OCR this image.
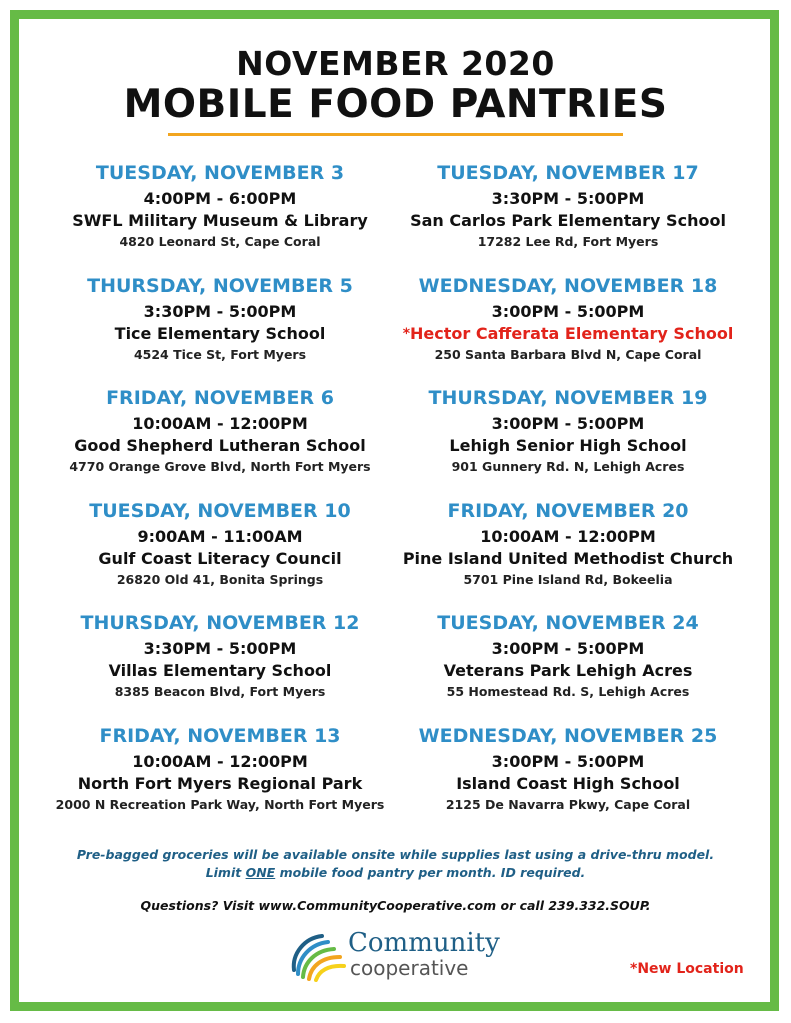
NOVEMBER 2020
MOBILE FOOD PANTRIES
TUESDAY, NOVEMBER 3
4:00PM - 6:00PM
SWFL Military Museum & Library
4820 Leonard St, Cape Coral
THURSDAY, NOVEMBER 5
3:30PM - 5:00PM
Tice Elementary School
4524 Tice St, Fort Myers
FRIDAY, NOVEMBER 6
10:00AM - 12:00PM
Good Shepherd Lutheran School
4770 Orange Grove Blvd, North Fort Myers
TUESDAY, NOVEMBER 10
9:00AM - 11:00AM
Gulf Coast Literacy Council
26820 Old 41, Bonita Springs
THURSDAY, NOVEMBER 12
3:30PM - 5:00PM
Villas Elementary School
8385 Beacon Blvd, Fort Myers
FRIDAY, NOVEMBER 13
10:00AM - 12:00PM
North Fort Myers Regional Park
2000 N Recreation Park Way, North Fort Myers
TUESDAY, NOVEMBER 17
3:30PM - 5:00PM
San Carlos Park Elementary School
17282 Lee Rd, Fort Myers
WEDNESDAY, NOVEMBER 18
3:00PM - 5:00PM
*Hector Cafferata Elementary School
250 Santa Barbara Blvd N, Cape Coral
THURSDAY, NOVEMBER 19
3:00PM - 5:00PM
Lehigh Senior High School
901 Gunnery Rd. N, Lehigh Acres
FRIDAY, NOVEMBER 20
10:00AM - 12:00PM
Pine Island United Methodist Church
5701 Pine Island Rd, Bokeelia
TUESDAY, NOVEMBER 24
3:00PM - 5:00PM
Veterans Park Lehigh Acres
55 Homestead Rd. S, Lehigh Acres
WEDNESDAY, NOVEMBER 25
3:00PM - 5:00PM
Island Coast High School
2125 De Navarra Pkwy, Cape Coral
Pre-bagged groceries will be available onsite while supplies last using a drive-thru model.
Limit ONE mobile food pantry per month. ID required.
Questions? Visit www.CommunityCooperative.com or call 239.332.SOUP.
Community
cooperative	*New Location
